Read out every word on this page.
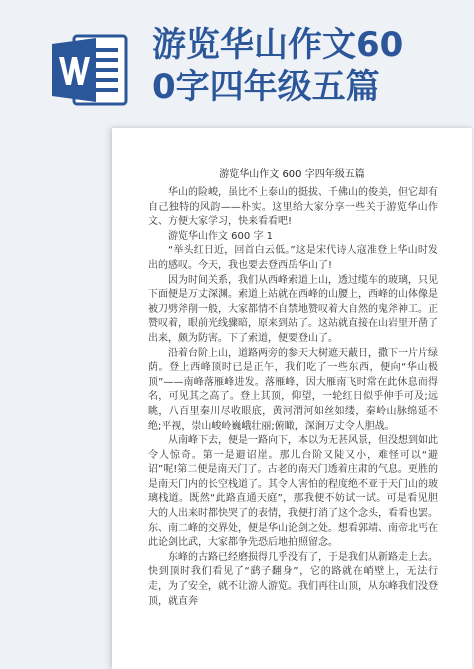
游览华山作文60
0字四年级五篇
游览华山作文 600 字四年级五篇

华山的险峻，虽比不上泰山的挺拔、千佛山的俊美，但它却有自己独特的风韵——朴实。这里给大家分享一些关于游览华山作文、方便大家学习，快来看看吧!

游览华山作文 600 字 1

“举头红日近，回首白云低。”这是宋代诗人寇准登上华山时发出的感叹。今天，我也要去登西岳华山了!

因为时间关系，我们从西峰索道上山，透过缆车的玻璃，只见下面便是万丈深渊。索道上站就在西峰的山腰上，西峰的山体像是被刀劈斧削一般，大家都情不自禁地赞叹着大自然的鬼斧神工。正赞叹着，眼前光线骤暗，原来到站了。这站就直接在山岩里开凿了出来，颇为防害。下了索道，便要登山了。

沿着台阶上山，道路两旁的参天大树遮天蔽日，撒下一片片绿荫。登上西峰顶时已是正午，我们吃了一些东西，便向“华山极顶”——南峰落雁峰进发。落雁峰，因大雁南飞时常在此休息而得名，可见其之高了。登上其顶，仰望，一轮红日似乎伸手可及;远眺，八百里秦川尽收眼底，黄河渭河如丝如缕，秦岭山脉绵延不绝;平视，崇山峻岭巍峨壮丽;俯瞰，深涧万丈令人胆战。

从南峰下去，便是一路向下，本以为无甚风景，但没想到如此令人惊奇。第一是避诏崖。那儿台阶又陡又小，难怪可以“避诏”呢!第二便是南天门了。古老的南天门透着庄肃的气息。更胜的是南天门内的长空栈道了。其令人害怕的程度绝不亚于天门山的玻璃栈道。既然“此路直通天庭”，那我便不妨试一试。可是看见胆大的人出来时都快哭了的表情，我便打消了这个念头，看看也罢。东、南二峰的交界处，便是华山论剑之处。想看郭靖、南帝北丐在此论剑比武，大家都争先恐后地拍照留念。

东峰的古路已经磨损得几乎没有了，于是我们从新路走上去。快到顶时我们看见了“鹞子翻身”，它的路就在峭壁上，无法行走，为了安全，就不让游人游览。我们再往山顶，从东峰我们没登顶，就直奔
